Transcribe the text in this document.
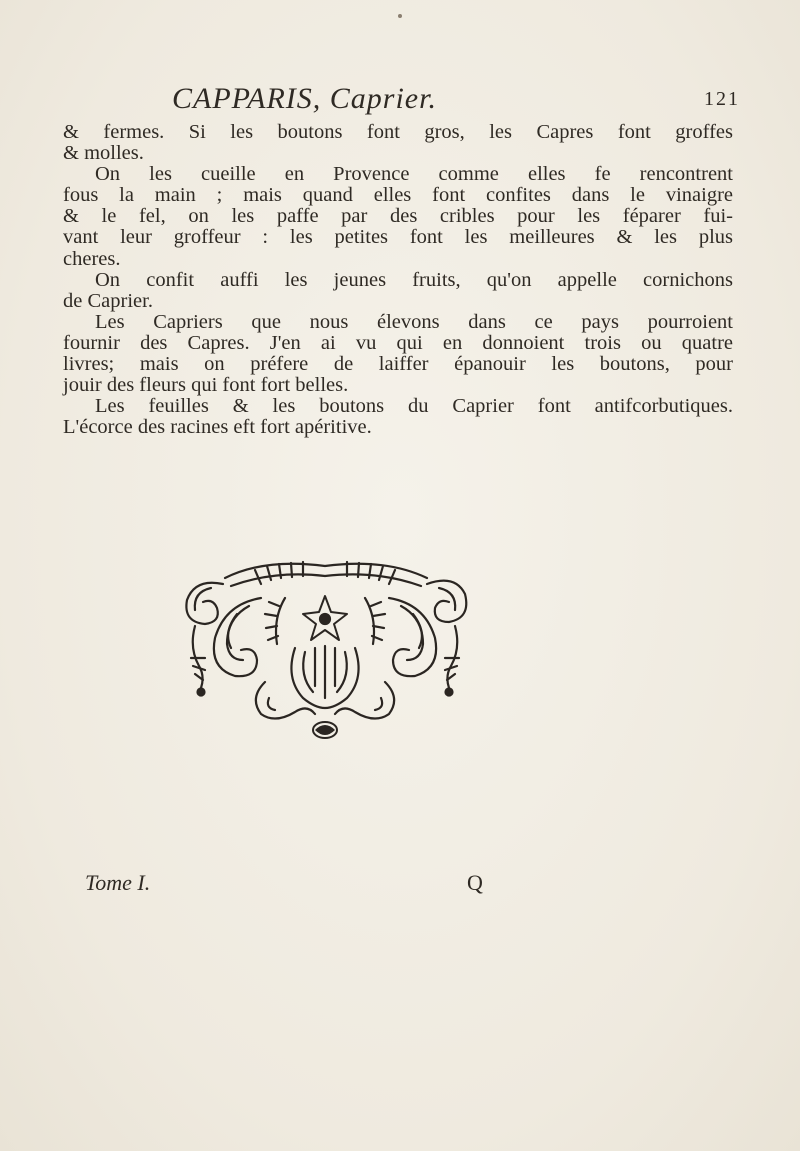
CAPPARIS, Caprier.	121
& fermes. Si les boutons font gros, les Capres font groffes
& molles.
On les cueille en Provence comme elles fe rencontrent
fous la main ; mais quand elles font confites dans le vinaigre
& le fel, on les paffe par des cribles pour les féparer fui-
vant leur groffeur : les petites font les meilleures & les plus
cheres.
On confit auffi les jeunes fruits, qu'on appelle cornichons
de Caprier.
Les Capriers que nous élevons dans ce pays pourroient
fournir des Capres. J'en ai vu qui en donnoient trois ou quatre
livres; mais on préfere de laiffer épanouir les boutons, pour
jouir des fleurs qui font fort belles.
Les feuilles & les boutons du Caprier font antifcorbutiques.
L'écorce des racines eft fort apéritive.
Tome I.	Q
